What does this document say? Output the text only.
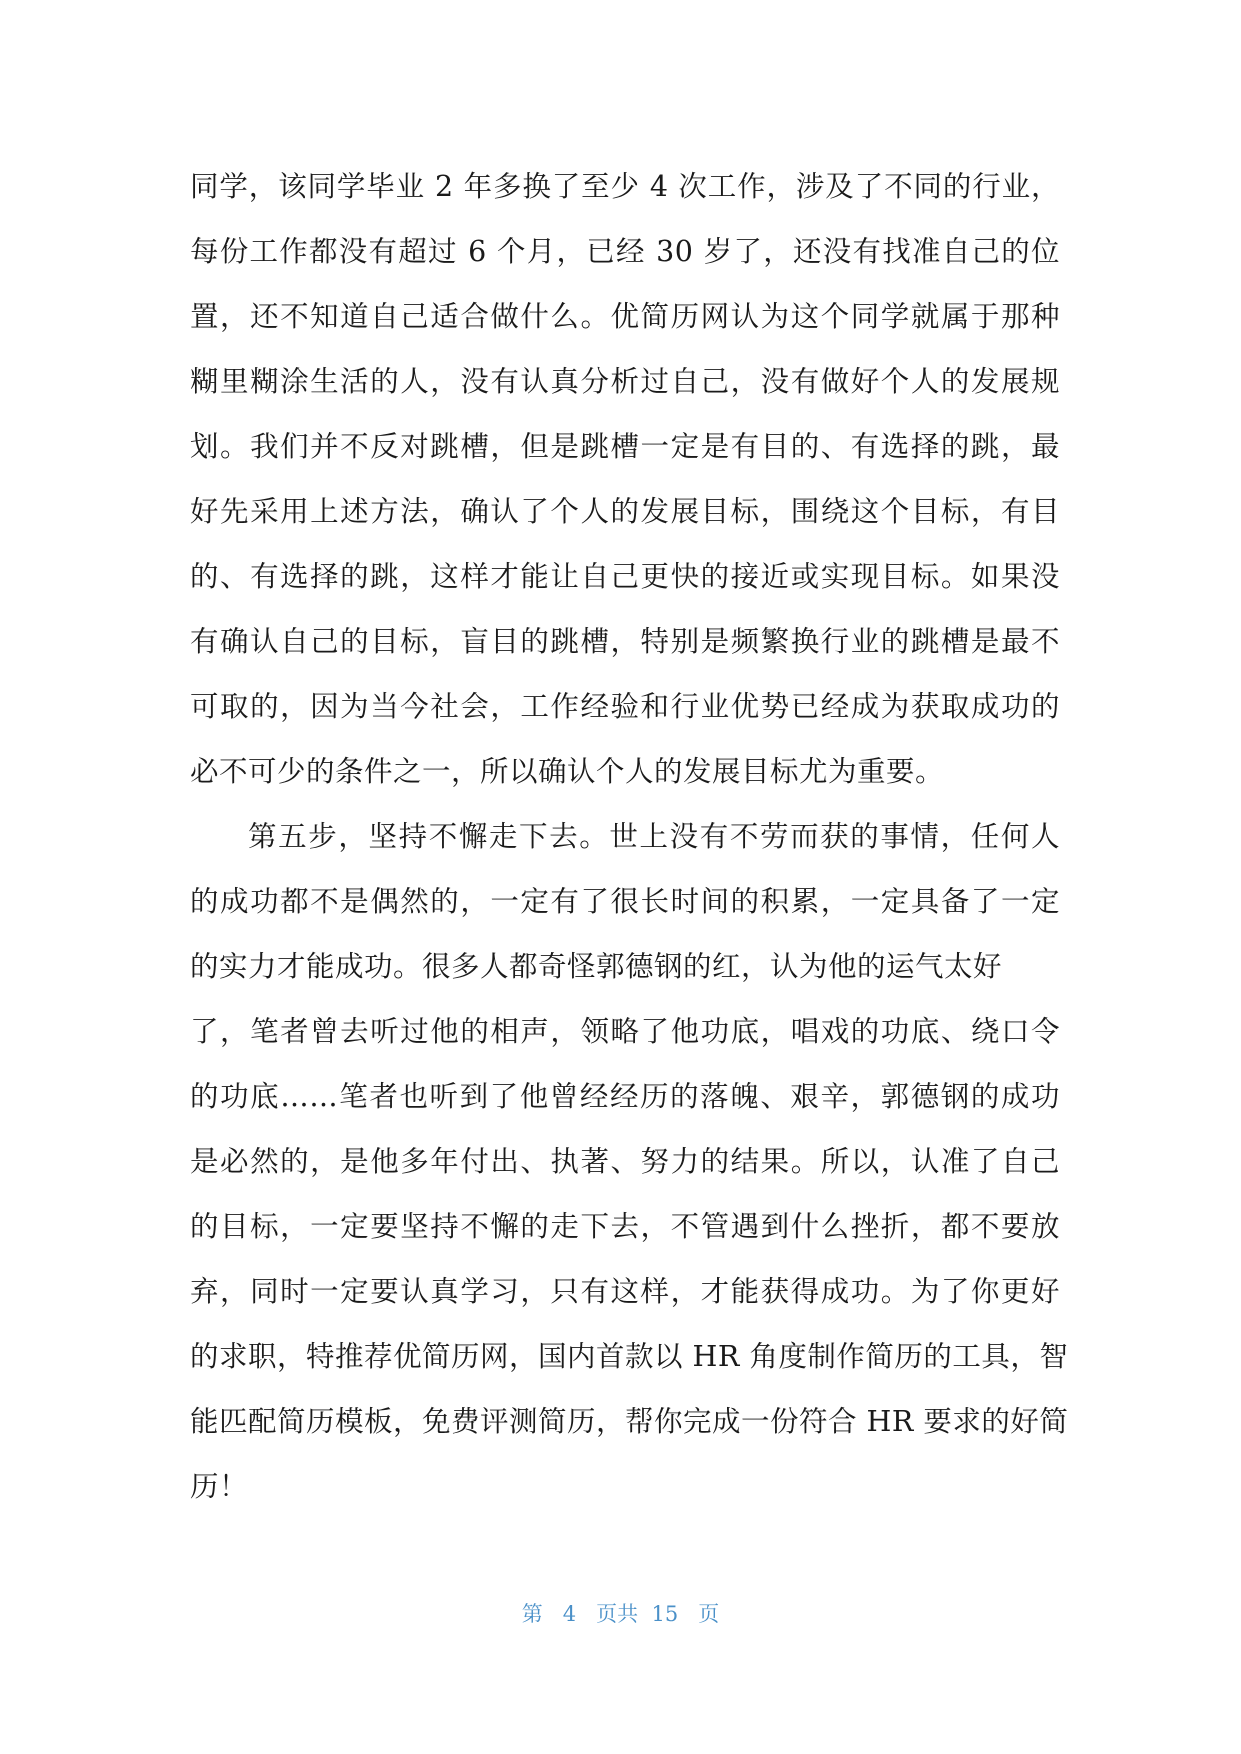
同学，该同学毕业 2 年多换了至少 4 次工作，涉及了不同的行业，
每份工作都没有超过 6 个月，已经 30 岁了，还没有找准自己的位
置，还不知道自己适合做什么。优简历网认为这个同学就属于那种
糊里糊涂生活的人，没有认真分析过自己，没有做好个人的发展规
划。我们并不反对跳槽，但是跳槽一定是有目的、有选择的跳，最
好先采用上述方法，确认了个人的发展目标，围绕这个目标，有目
的、有选择的跳，这样才能让自己更快的接近或实现目标。如果没
有确认自己的目标，盲目的跳槽，特别是频繁换行业的跳槽是最不
可取的，因为当今社会，工作经验和行业优势已经成为获取成功的
必不可少的条件之一，所以确认个人的发展目标尤为重要。
第五步，坚持不懈走下去。世上没有不劳而获的事情，任何人
的成功都不是偶然的，一定有了很长时间的积累，一定具备了一定
的实力才能成功。很多人都奇怪郭德钢的红，认为他的运气太好
了，笔者曾去听过他的相声，领略了他功底，唱戏的功底、绕口令
的功底……笔者也听到了他曾经经历的落魄、艰辛，郭德钢的成功
是必然的，是他多年付出、执著、努力的结果。所以，认准了自己
的目标，一定要坚持不懈的走下去，不管遇到什么挫折，都不要放
弃，同时一定要认真学习，只有这样，才能获得成功。为了你更好
的求职，特推荐优简历网，国内首款以 HR 角度制作简历的工具，智
能匹配简历模板，免费评测简历，帮你完成一份符合 HR 要求的好简
历！
第 4 页共 15 页
